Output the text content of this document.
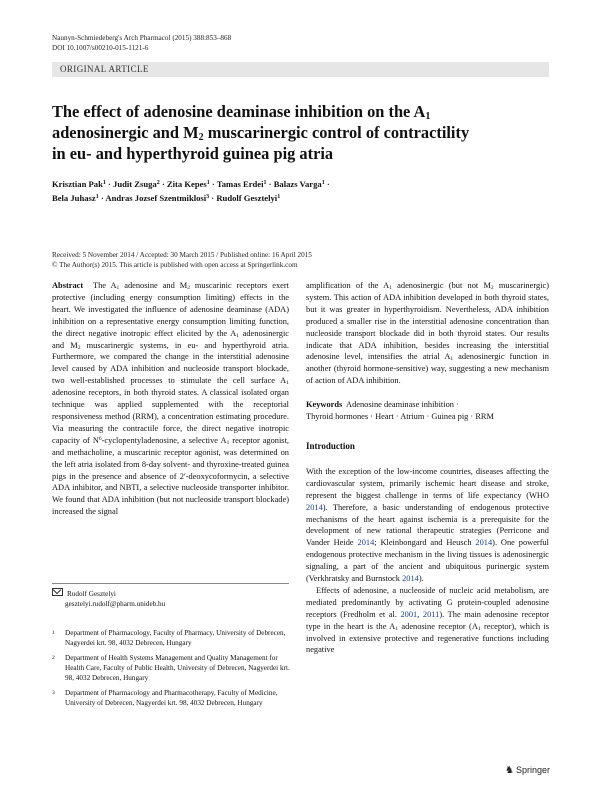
Naunyn-Schmiedeberg's Arch Pharmacol (2015) 388:853–868
DOI 10.1007/s00210-015-1121-6
ORIGINAL ARTICLE
The effect of adenosine deaminase inhibition on the $A_1$
adenosinergic and $M_2$ muscarinergic control of contractility
in eu- and hyperthyroid guinea pig atria
Krisztian Pak$^1$ · Judit Zsuga$^2$ · Zita Kepes$^1$ · Tamas Erdei$^1$ · Balazs Varga$^1$ ·
Bela Juhasz$^1$ · Andras Jozsef Szentmiklosi$^3$ · Rudolf Gesztelyi$^1$
Received: 5 November 2014 / Accepted: 30 March 2015 / Published online: 16 April 2015
© The Author(s) 2015. This article is published with open access at Springerlink.com

Abstract The A1 adenosine and M2 muscarinic receptors exert protective (including energy consumption limiting) effects in the heart. We investigated the influence of adenosine deaminase (ADA) inhibition on a representative energy consumption limiting function, the direct negative inotropic effect elicited by the A1 adenosinergic and M2 muscarinergic systems, in eu- and hyperthyroid atria. Furthermore, we compared the change in the interstitial adenosine level caused by ADA inhibition and nucleoside transport blockade, two well-established processes to stimulate the cell surface A1 adenosine receptors, in both thyroid states. A classical isolated organ technique was applied supplemented with the receptorial responsiveness method (RRM), a concentration estimating procedure. Via measuring the contractile force, the direct negative inotropic capacity of $N^6$-cyclopentyladenosine, a selective A1 receptor agonist, and methacholine, a muscarinic receptor agonist, was determined on the left atria isolated from 8-day solvent- and thyroxine-treated guinea pigs in the presence and absence of 2′-deoxycoformycin, a selective ADA inhibitor, and NBTI, a selective nucleoside transporter inhibitor. We found that ADA inhibition (but not nucleoside transport blockade) increased the signal

amplification of the A1 adenosinergic (but not M2 muscarinergic) system. This action of ADA inhibition developed in both thyroid states, but it was greater in hyperthyroidism. Nevertheless, ADA inhibition produced a smaller rise in the interstitial adenosine concentration than nucleoside transport blockade did in both thyroid states. Our results indicate that ADA inhibition, besides increasing the interstitial adenosine level, intensifies the atrial A1 adenosinergic function in another (thyroid hormone-sensitive) way, suggesting a new mechanism of action of ADA inhibition.

Keywords Adenosine deaminase inhibition ·
Thyroid hormones · Heart · Atrium · Guinea pig · RRM

Introduction

With the exception of the low-income countries, diseases affecting the cardiovascular system, primarily ischemic heart disease and stroke, represent the biggest challenge in terms of life expectancy (WHO 2014). Therefore, a basic understanding of endogenous protective mechanisms of the heart against ischemia is a prerequisite for the development of new rational therapeutic strategies (Perricone and Vander Heide 2014; Kleinbongard and Heusch 2014). One powerful endogenous protective mechanism in the living tissues is adenosinergic signaling, a part of the ancient and ubiquitous purinergic system (Verkhratsky and Burnstock 2014).

Effects of adenosine, a nucleoside of nucleic acid metabolism, are mediated predominantly by activating G protein-coupled adenosine receptors (Fredholm et al. 2001, 2011). The main adenosine receptor type in the heart is the A1 adenosine receptor (A1 receptor), which is involved in extensive protective and regenerative functions including negative

Rudolf Gesztelyi
gesztelyi.rudolf@pharm.unideb.hu
1 Department of Pharmacology, Faculty of Pharmacy, University of Debrecen, Nagyerdei krt. 98, 4032 Debrecen, Hungary
2 Department of Health Systems Management and Quality Management for Health Care, Faculty of Public Health, University of Debrecen, Nagyerdei krt. 98, 4032 Debrecen, Hungary
3 Department of Pharmacology and Pharmacotherapy, Faculty of Medicine, University of Debrecen, Nagyerdei krt. 98, 4032 Debrecen, Hungary
♞ Springer
